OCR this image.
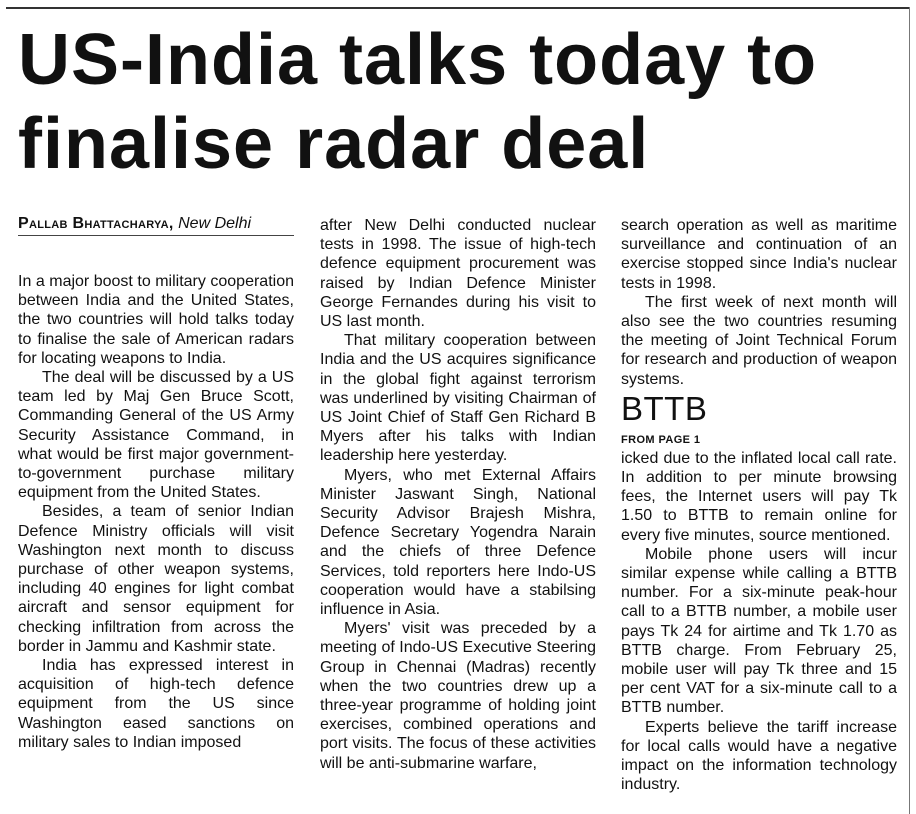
US-India talks today to finalise radar deal
Pallab Bhattacharya, New Delhi

In a major boost to military cooperation between India and the United States, the two countries will hold talks today to finalise the sale of American radars for locating weapons to India.

The deal will be discussed by a US team led by Maj Gen Bruce Scott, Commanding General of the US Army Security Assistance Command, in what would be first major government-to-government purchase military equipment from the United States.

Besides, a team of senior Indian Defence Ministry officials will visit Washington next month to discuss purchase of other weapon systems, including 40 engines for light combat aircraft and sensor equipment for checking infiltration from across the border in Jammu and Kashmir state.

India has expressed interest in acquisition of high-tech defence equipment from the US since Washington eased sanctions on military sales to Indian imposed

after New Delhi conducted nuclear tests in 1998. The issue of high-tech defence equipment procurement was raised by Indian Defence Minister George Fernandes during his visit to US last month.

That military cooperation between India and the US acquires significance in the global fight against terrorism was underlined by visiting Chairman of US Joint Chief of Staff Gen Richard B Myers after his talks with Indian leadership here yesterday.

Myers, who met External Affairs Minister Jaswant Singh, National Security Advisor Brajesh Mishra, Defence Secretary Yogendra Narain and the chiefs of three Defence Services, told reporters here Indo-US cooperation would have a stabilsing influence in Asia.

Myers' visit was preceded by a meeting of Indo-US Executive Steering Group in Chennai (Madras) recently when the two countries drew up a three-year programme of holding joint exercises, combined operations and port visits. The focus of these activities will be anti-submarine warfare,

search operation as well as maritime surveillance and continuation of an exercise stopped since India's nuclear tests in 1998.

The first week of next month will also see the two countries resuming the meeting of Joint Technical Forum for research and production of weapon systems.

BTTB
FROM PAGE 1

icked due to the inflated local call rate. In addition to per minute browsing fees, the Internet users will pay Tk 1.50 to BTTB to remain online for every five minutes, source mentioned.

Mobile phone users will incur similar expense while calling a BTTB number. For a six-minute peak-hour call to a BTTB number, a mobile user pays Tk 24 for airtime and Tk 1.70 as BTTB charge. From February 25, mobile user will pay Tk three and 15 per cent VAT for a six-minute call to a BTTB number.

Experts believe the tariff increase for local calls would have a negative impact on the information technology industry.
